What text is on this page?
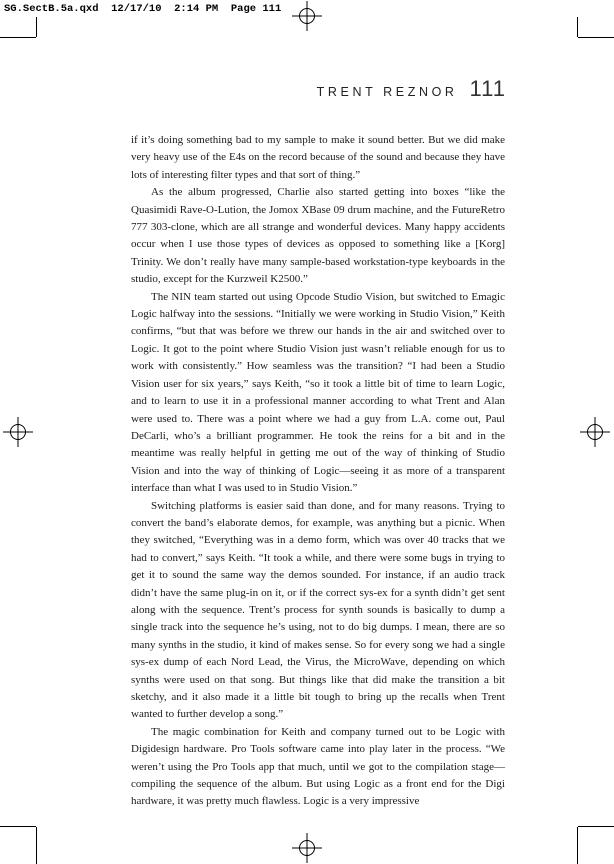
SG.SectB.5a.qxd  12/17/10  2:14 PM  Page 111
TRENT REZNOR 111

if it’s doing something bad to my sample to make it sound better. But we did make very heavy use of the E4s on the record because of the sound and because they have lots of interesting filter types and that sort of thing.”

As the album progressed, Charlie also started getting into boxes “like the Quasimidi Rave-O-Lution, the Jomox XBase 09 drum machine, and the FutureRetro 777 303-clone, which are all strange and wonderful devices. Many happy accidents occur when I use those types of devices as opposed to something like a [Korg] Trinity. We don’t really have many sample-based workstation-type keyboards in the studio, except for the Kurzweil K2500.”

The NIN team started out using Opcode Studio Vision, but switched to Emagic Logic halfway into the sessions. “Initially we were working in Studio Vision,” Keith confirms, “but that was before we threw our hands in the air and switched over to Logic. It got to the point where Studio Vision just wasn’t reliable enough for us to work with consistently.” How seamless was the transition? “I had been a Studio Vision user for six years,” says Keith, “so it took a little bit of time to learn Logic, and to learn to use it in a professional manner according to what Trent and Alan were used to. There was a point where we had a guy from L.A. come out, Paul DeCarli, who’s a brilliant programmer. He took the reins for a bit and in the meantime was really helpful in getting me out of the way of thinking of Studio Vision and into the way of thinking of Logic—seeing it as more of a transparent interface than what I was used to in Studio Vision.”

Switching platforms is easier said than done, and for many reasons. Trying to convert the band’s elaborate demos, for example, was anything but a picnic. When they switched, “Everything was in a demo form, which was over 40 tracks that we had to convert,” says Keith. “It took a while, and there were some bugs in trying to get it to sound the same way the demos sounded. For instance, if an audio track didn’t have the same plug-in on it, or if the correct sys-ex for a synth didn’t get sent along with the sequence. Trent’s process for synth sounds is basically to dump a single track into the sequence he’s using, not to do big dumps. I mean, there are so many synths in the studio, it kind of makes sense. So for every song we had a single sys-ex dump of each Nord Lead, the Virus, the MicroWave, depending on which synths were used on that song. But things like that did make the transition a bit sketchy, and it also made it a little bit tough to bring up the recalls when Trent wanted to further develop a song.”

The magic combination for Keith and company turned out to be Logic with Digidesign hardware. Pro Tools software came into play later in the process. “We weren’t using the Pro Tools app that much, until we got to the compilation stage—compiling the sequence of the album. But using Logic as a front end for the Digi hardware, it was pretty much flawless. Logic is a very impressive
